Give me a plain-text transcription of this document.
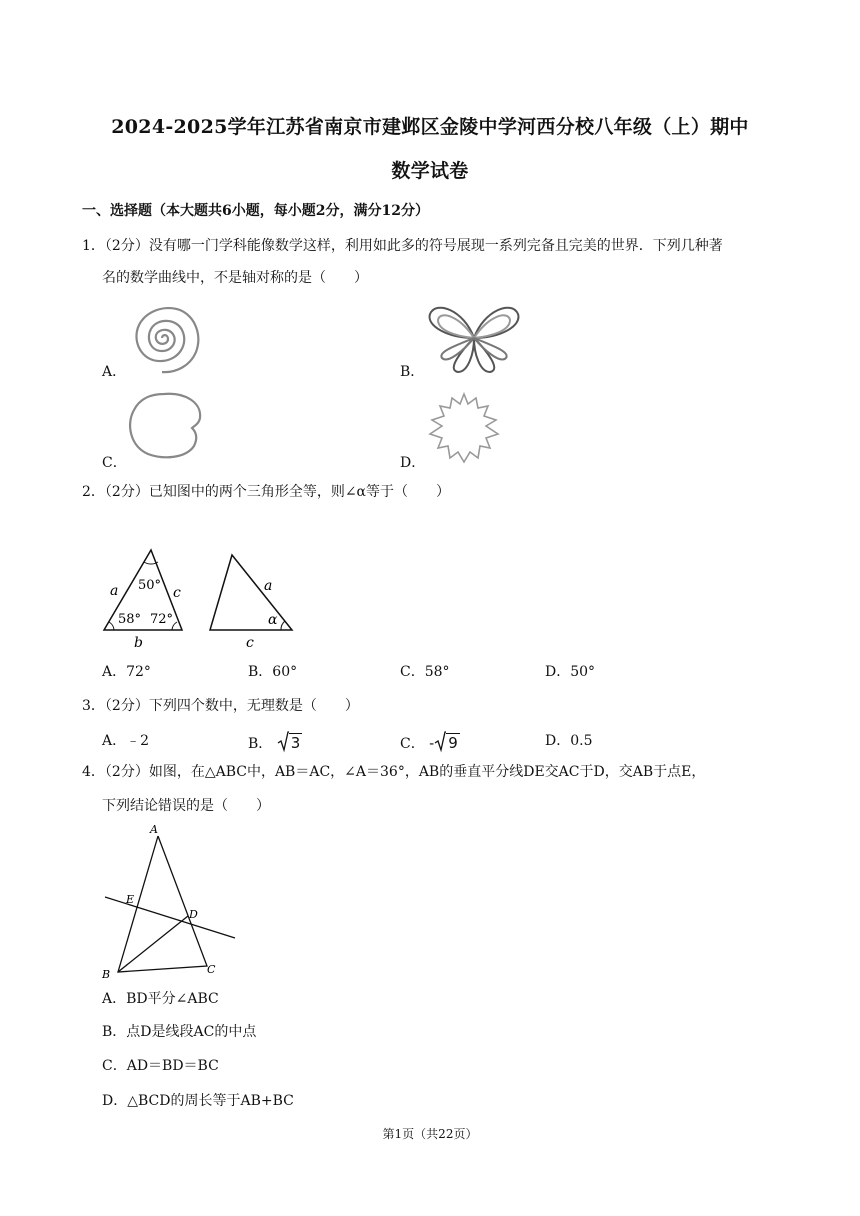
2024-2025学年江苏省南京市建邺区金陵中学河西分校八年级（上）期中
数学试卷
一、选择题（本大题共6小题，每小题2分，满分12分）
1．（2分）没有哪一门学科能像数学这样，利用如此多的符号展现一系列完备且完美的世界．下列几种著
名的数学曲线中，不是轴对称的是（　　）
A．	B．
C．	D．
2．（2分）已知图中的两个三角形全等，则∠α等于（　　）
a	c
b
50°
58° 72°
a
c
α
A．72°	B．60°	C．58°	D．50°
3．（2分）下列四个数中，无理数是（　　）
A．﹣2	B． 3	C． - 9	D．0.5
4．（2分）如图，在△ABC中，AB＝AC，∠A＝36°，AB的垂直平分线DE交AC于D，交AB于点E，
下列结论错误的是（　　）
A
E
D
B	C
A．BD平分∠ABC
B．点D是线段AC的中点
C．AD＝BD＝BC
D．△BCD的周长等于AB+BC
第1页（共22页）
